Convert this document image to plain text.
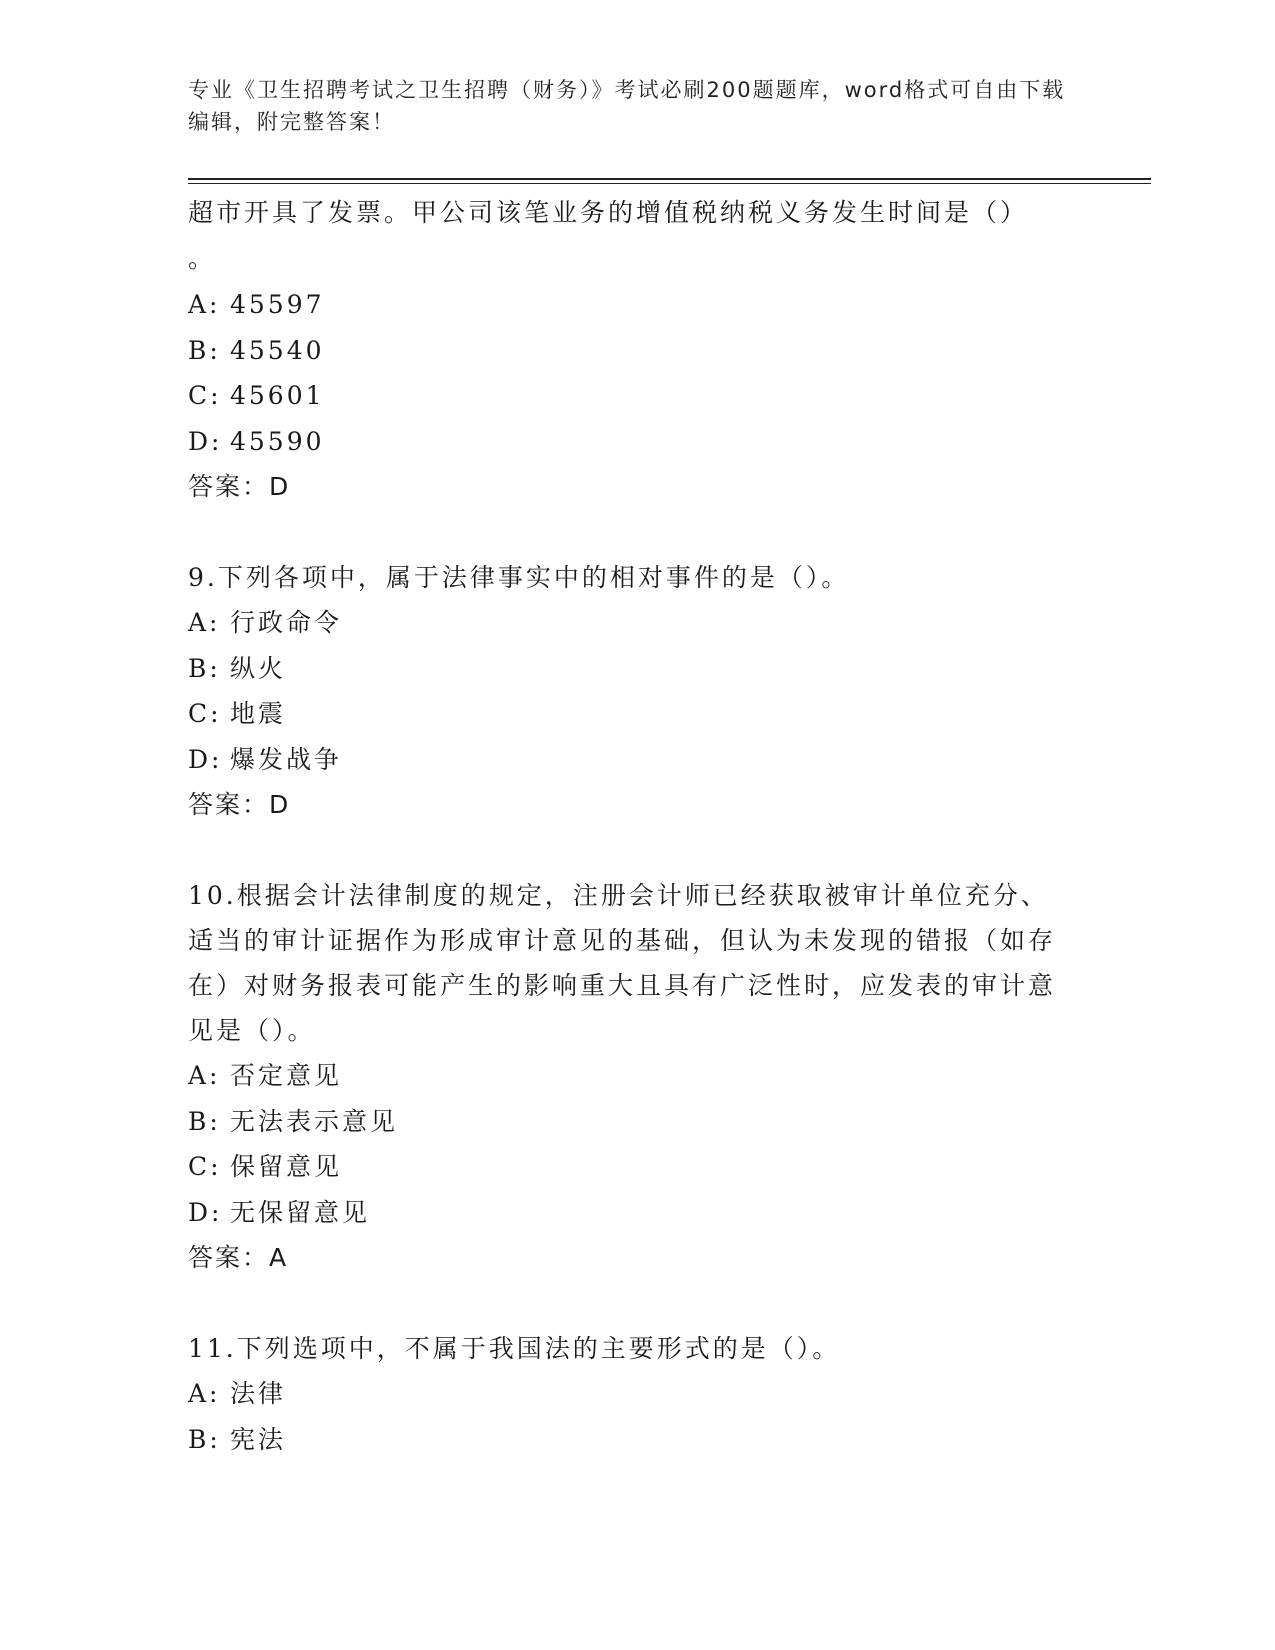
专业《卫生招聘考试之卫生招聘（财务）》考试必刷200题题库，word格式可自由下载编辑，附完整答案！
超市开具了发票。甲公司该笔业务的增值税纳税义务发生时间是（）
。
A: 45597
B: 45540
C: 45601
D: 45590
答案：D
9.下列各项中，属于法律事实中的相对事件的是（）。
A: 行政命令
B: 纵火
C: 地震
D: 爆发战争
答案：D
10.根据会计法律制度的规定，注册会计师已经获取被审计单位充分、适当的审计证据作为形成审计意见的基础，但认为未发现的错报（如存在）对财务报表可能产生的影响重大且具有广泛性时，应发表的审计意见是（）。
A: 否定意见
B: 无法表示意见
C: 保留意见
D: 无保留意见
答案：A
11.下列选项中，不属于我国法的主要形式的是（）。
A: 法律
B: 宪法
